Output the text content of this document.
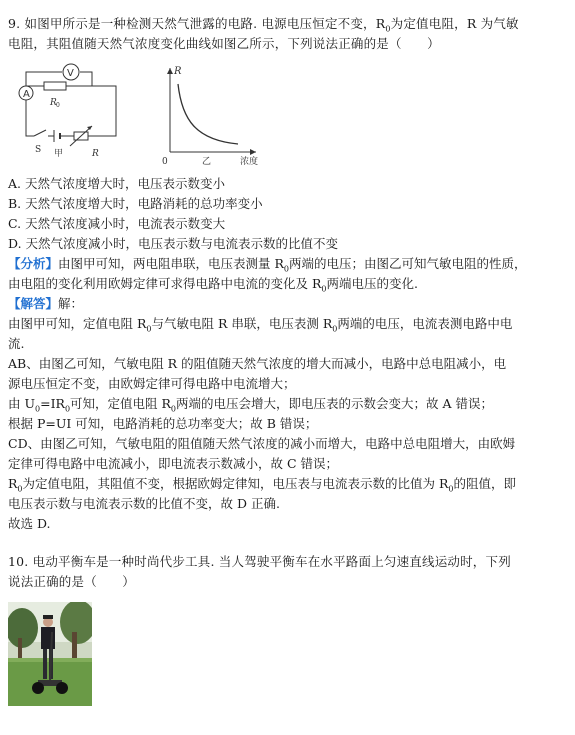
9. 如图甲所示是一种检测天然气泄露的电路. 电源电压恒定不变，$R_0$为定值电阻，R 为气敏
电阻，其阻值随天然气浓度变化曲线如图乙所示，下列说法正确的是（　　）

A
V
R 0
S 甲	R
R
0	乙	浓度

A. 天然气浓度增大时，电压表示数变小

B. 天然气浓度增大时，电路消耗的总功率变小

C. 天然气浓度减小时，电流表示数变大

D. 天然气浓度减小时，电压表示数与电流表示数的比值不变

【分析】由图甲可知，两电阻串联，电压表测量 $R_0$两端的电压；由图乙可知气敏电阻的性质，
由电阻的变化利用欧姆定律可求得电路中电流的变化及 $R_0$两端电压的变化.

【解答】解：
由图甲可知，定值电阻 $R_0$与气敏电阻 R 串联，电压表测 $R_0$两端的电压，电流表测电路中电
流.
AB、由图乙可知，气敏电阻 R 的阻值随天然气浓度的增大而减小，电路中总电阻减小，电
源电压恒定不变，由欧姆定律可得电路中电流增大；
由 $U_0=IR_0$可知，定值电阻 $R_0$两端的电压会增大，即电压表的示数会变大；故 A 错误；
根据 P=UI 可知，电路消耗的总功率变大；故 B 错误；
CD、由图乙可知，气敏电阻的阻值随天然气浓度的减小而增大，电路中总电阻增大，由欧姆
定律可得电路中电流减小，即电流表示数减小，故 C 错误；
$R_0$为定值电阻，其阻值不变，根据欧姆定律知，电压表与电流表示数的比值为 $R_0$的阻值，即
电压表示数与电流表示数的比值不变，故 D 正确.
故选 D.

10. 电动平衡车是一种时尚代步工具. 当人驾驶平衡车在水平路面上匀速直线运动时，下列
说法正确的是（　　）
